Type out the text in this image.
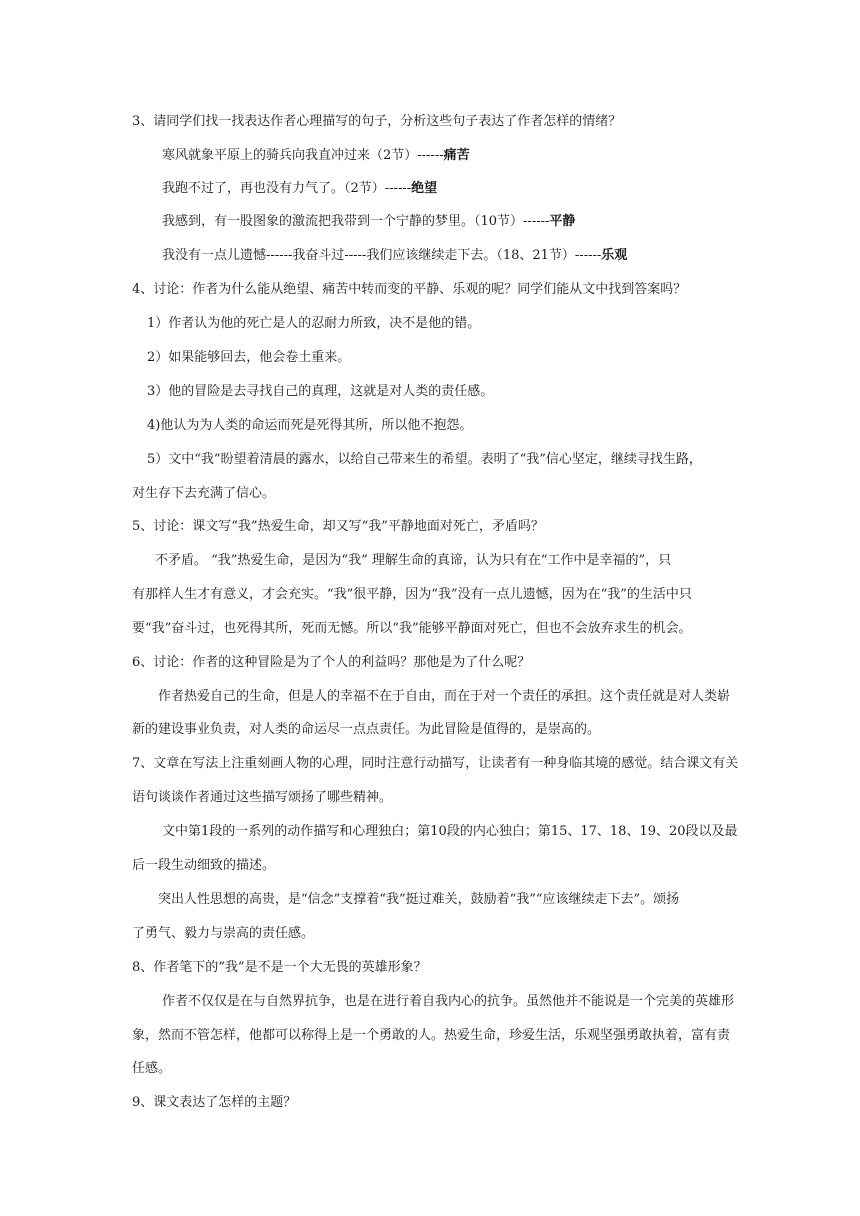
3、请同学们找一找表达作者心理描写的句子，分析这些句子表达了作者怎样的情绪？
寒风就象平原上的骑兵向我直冲过来（2节）------痛苦
我跑不过了，再也没有力气了。（2节）------绝望
我感到，有一股图象的激流把我带到一个宁静的梦里。（10节）------平静
我没有一点儿遗憾------我奋斗过-----我们应该继续走下去。（18、21节）------乐观
4、讨论：作者为什么能从绝望、痛苦中转而变的平静、乐观的呢？同学们能从文中找到答案吗？
1）作者认为他的死亡是人的忍耐力所致，决不是他的错。
2）如果能够回去，他会卷土重来。
3）他的冒险是去寻找自己的真理，这就是对人类的责任感。
4)他认为为人类的命运而死是死得其所，所以他不抱怨。
5）文中“我”盼望着清晨的露水，以给自己带来生的希望。表明了“我”信心坚定，继续寻找生路，
对生存下去充满了信心。
5、讨论：课文写“我”热爱生命，却又写“我”平静地面对死亡，矛盾吗？
不矛盾。 “我”热爱生命，是因为“我” 理解生命的真谛，认为只有在“工作中是幸福的”，只
有那样人生才有意义，才会充实。“我”很平静，因为“我”没有一点儿遗憾，因为在“我”的生活中只
要“我”奋斗过，也死得其所，死而无憾。所以“我”能够平静面对死亡，但也不会放弃求生的机会。
6、讨论：作者的这种冒险是为了个人的利益吗？那他是为了什么呢？
作者热爱自己的生命，但是人的幸福不在于自由，而在于对一个责任的承担。这个责任就是对人类崭
新的建设事业负责，对人类的命运尽一点点责任。为此冒险是值得的，是崇高的。
7、文章在写法上注重刻画人物的心理，同时注意行动描写，让读者有一种身临其境的感觉。结合课文有关
语句谈谈作者通过这些描写颂扬了哪些精神。
文中第1段的一系列的动作描写和心理独白；第10段的内心独白；第15、17、18、19、20段以及最
后一段生动细致的描述。
突出人性思想的高贵，是“信念”支撑着“我”挺过难关，鼓励着“我”“应该继续走下去”。颂扬
了勇气、毅力与崇高的责任感。
8、作者笔下的“我”是不是一个大无畏的英雄形象？
作者不仅仅是在与自然界抗争，也是在进行着自我内心的抗争。虽然他并不能说是一个完美的英雄形
象，然而不管怎样，他都可以称得上是一个勇敢的人。热爱生命，珍爱生活，乐观坚强勇敢执着，富有责
任感。
9、课文表达了怎样的主题？
